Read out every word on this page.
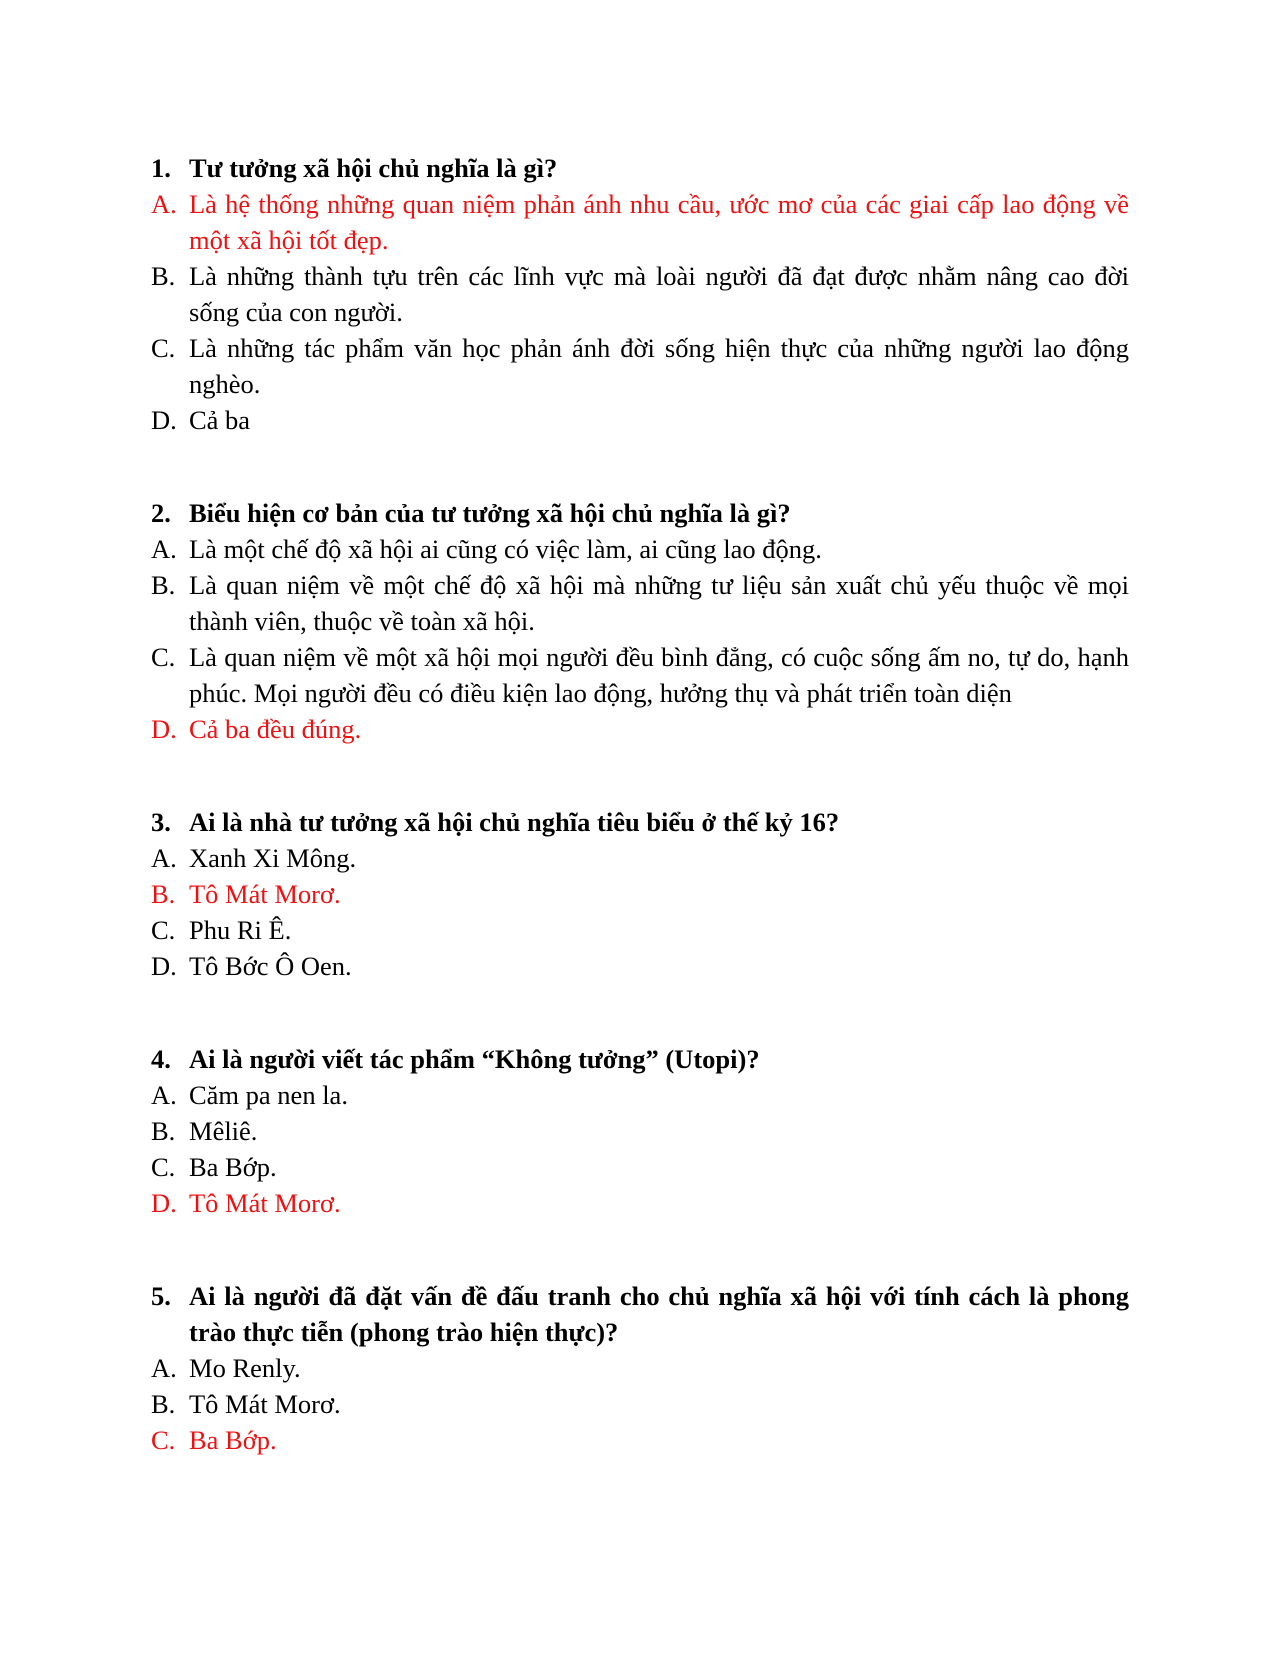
1. Tư tưởng xã hội chủ nghĩa là gì?
A. Là hệ thống những quan niệm phản ánh nhu cầu, ước mơ của các giai cấp lao động về một xã hội tốt đẹp.
B. Là những thành tựu trên các lĩnh vực mà loài người đã đạt được nhằm nâng cao đời sống của con người.
C. Là những tác phẩm văn học phản ánh đời sống hiện thực của những người lao động nghèo.
D. Cả ba
2. Biểu hiện cơ bản của tư tưởng xã hội chủ nghĩa là gì?
A. Là một chế độ xã hội ai cũng có việc làm, ai cũng lao động.
B. Là quan niệm về một chế độ xã hội mà những tư liệu sản xuất chủ yếu thuộc về mọi thành viên, thuộc về toàn xã hội.
C. Là quan niệm về một xã hội mọi người đều bình đẳng, có cuộc sống ấm no, tự do, hạnh phúc. Mọi người đều có điều kiện lao động, hưởng thụ và phát triển toàn diện
D. Cả ba đều đúng.
3. Ai là nhà tư tưởng xã hội chủ nghĩa tiêu biểu ở thế kỷ 16?
A. Xanh Xi Mông.
B. Tô Mát Morơ.
C. Phu Ri Ê.
D. Tô Bớc Ô Oen.
4. Ai là người viết tác phẩm “Không tưởng” (Utopi)?
A. Căm pa nen la.
B. Mêliê.
C. Ba Bớp.
D. Tô Mát Morơ.
5. Ai là người đã đặt vấn đề đấu tranh cho chủ nghĩa xã hội với tính cách là phong trào thực tiễn (phong trào hiện thực)?
A. Mo Renly.
B. Tô Mát Morơ.
C. Ba Bớp.
